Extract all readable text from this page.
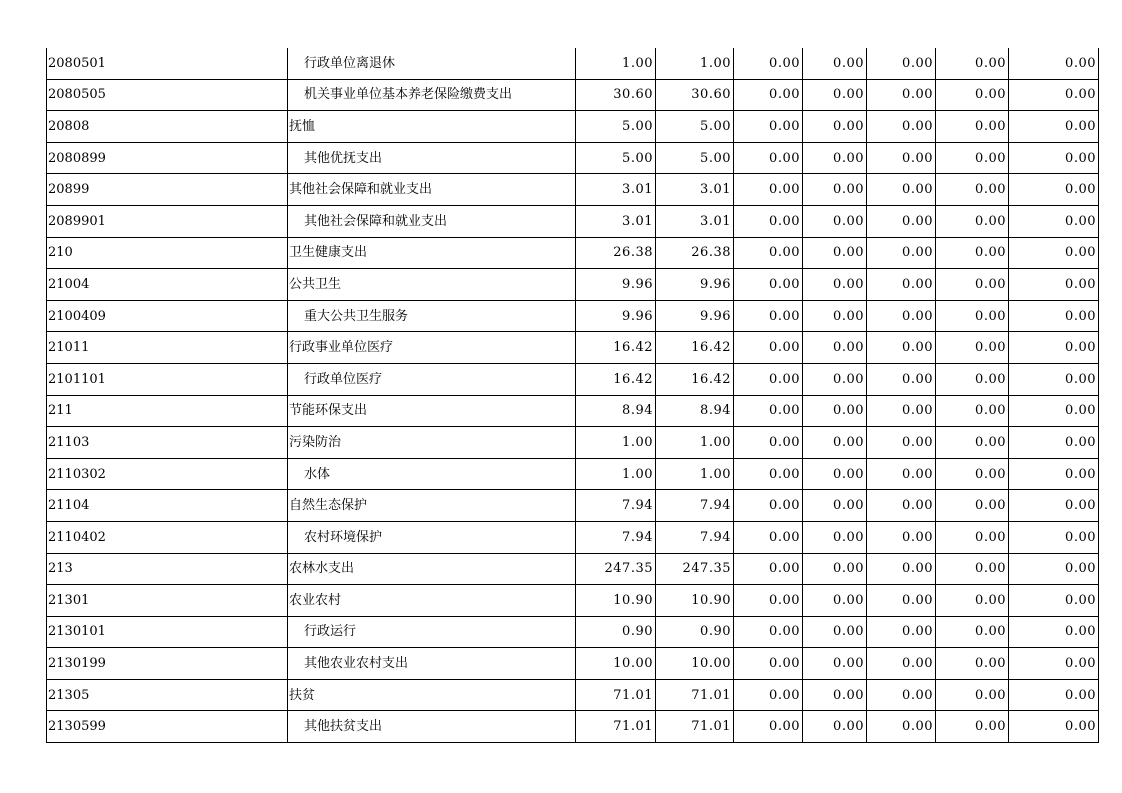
2080501	行政单位离退休	1.00	1.00	0.00	0.00	0.00	0.00	0.00
2080505	机关事业单位基本养老保险缴费支出	30.60	30.60	0.00	0.00	0.00	0.00	0.00
20808	抚恤	5.00	5.00	0.00	0.00	0.00	0.00	0.00
2080899	其他优抚支出	5.00	5.00	0.00	0.00	0.00	0.00	0.00
20899	其他社会保障和就业支出	3.01	3.01	0.00	0.00	0.00	0.00	0.00
2089901	其他社会保障和就业支出	3.01	3.01	0.00	0.00	0.00	0.00	0.00
210	卫生健康支出	26.38	26.38	0.00	0.00	0.00	0.00	0.00
21004	公共卫生	9.96	9.96	0.00	0.00	0.00	0.00	0.00
2100409	重大公共卫生服务	9.96	9.96	0.00	0.00	0.00	0.00	0.00
21011	行政事业单位医疗	16.42	16.42	0.00	0.00	0.00	0.00	0.00
2101101	行政单位医疗	16.42	16.42	0.00	0.00	0.00	0.00	0.00
211	节能环保支出	8.94	8.94	0.00	0.00	0.00	0.00	0.00
21103	污染防治	1.00	1.00	0.00	0.00	0.00	0.00	0.00
2110302	水体	1.00	1.00	0.00	0.00	0.00	0.00	0.00
21104	自然生态保护	7.94	7.94	0.00	0.00	0.00	0.00	0.00
2110402	农村环境保护	7.94	7.94	0.00	0.00	0.00	0.00	0.00
213	农林水支出	247.35	247.35	0.00	0.00	0.00	0.00	0.00
21301	农业农村	10.90	10.90	0.00	0.00	0.00	0.00	0.00
2130101	行政运行	0.90	0.90	0.00	0.00	0.00	0.00	0.00
2130199	其他农业农村支出	10.00	10.00	0.00	0.00	0.00	0.00	0.00
21305	扶贫	71.01	71.01	0.00	0.00	0.00	0.00	0.00
2130599	其他扶贫支出	71.01	71.01	0.00	0.00	0.00	0.00	0.00
